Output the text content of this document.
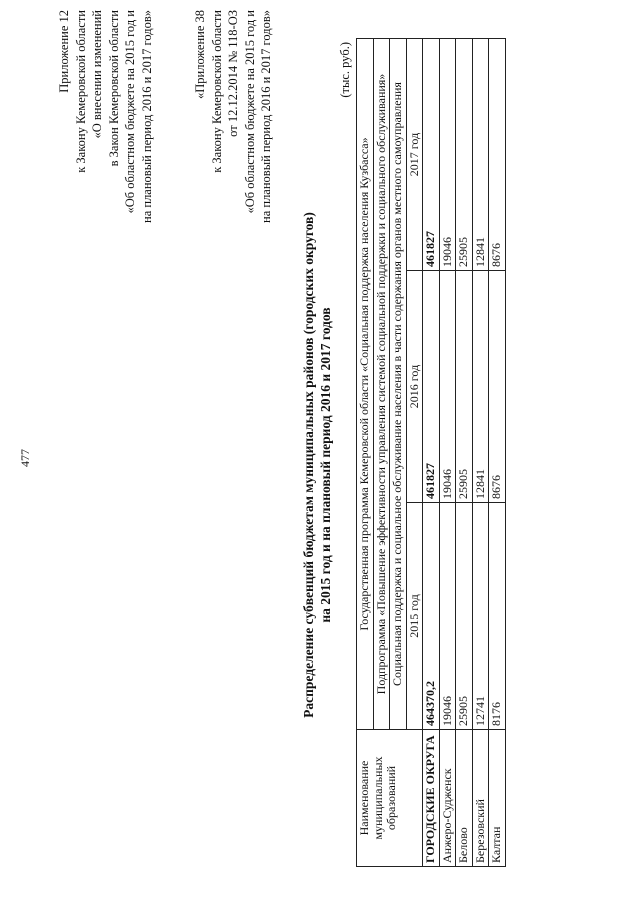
477
Приложение 12 к Закону Кемеровской области «О внесении изменений в Закон Кемеровской области «Об областном бюджете на 2015 год и на плановый период 2016 и 2017 годов»	«Приложение 38 к Закону Кемеровской области от 12.12.2014 № 118-ОЗ «Об областном бюджете на 2015 год и на плановый период 2016 и 2017 годов»
Распределение субвенций бюджетам муниципальных районов (городских округов) на 2015 год и на плановый период 2016 и 2017 годов
(тыс. руб.)
Наименование муниципальных образований	Государственная программа Кемеровской области «Социальная поддержка населения Кузбасса»		
	Подпрограмма «Повышение эффективности управления системой социальной поддержки и социального обслуживания»		
	Социальная поддержка и социальное обслуживание населения в части содержания органов местного самоуправления		
	2015 год	2016 год	2017 год
ГОРОДСКИЕ ОКРУГА	464370,2	461827	461827
Анжеро-Судженск	19046	19046	19046
Белово	25905	25905	25905
Березовский	12741	12841	12841
Калтан	8176	8676	8676
